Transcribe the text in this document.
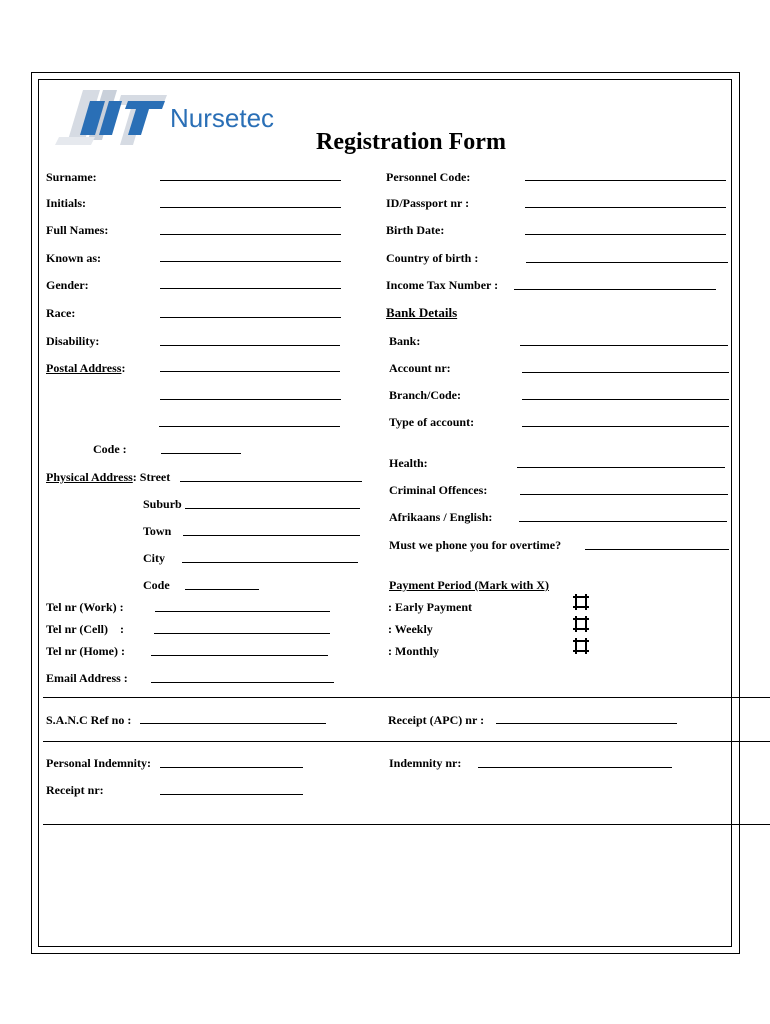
Nursetec
Registration Form
Surname:
Initials:
Full Names:
Known as:
Gender:
Race:
Disability:
Postal Address:
Code :
Physical Address: Street
Suburb
Town
City
Code
Tel nr (Work) :
Tel nr (Cell)    :
Tel nr (Home) :
Email Address :
Personnel Code:
ID/Passport nr :
Birth Date:
Country of birth :
Income Tax Number :
Bank Details
Bank:
Account nr:
Branch/Code:
Type of account:
Health:
Criminal Offences:
Afrikaans / English:
Must we phone you for overtime?
Payment Period (Mark with X)
: Early Payment
: Weekly
: Monthly
S.A.N.C Ref no :	Receipt (APC) nr :
Personal Indemnity:	Indemnity nr:
Receipt nr:
